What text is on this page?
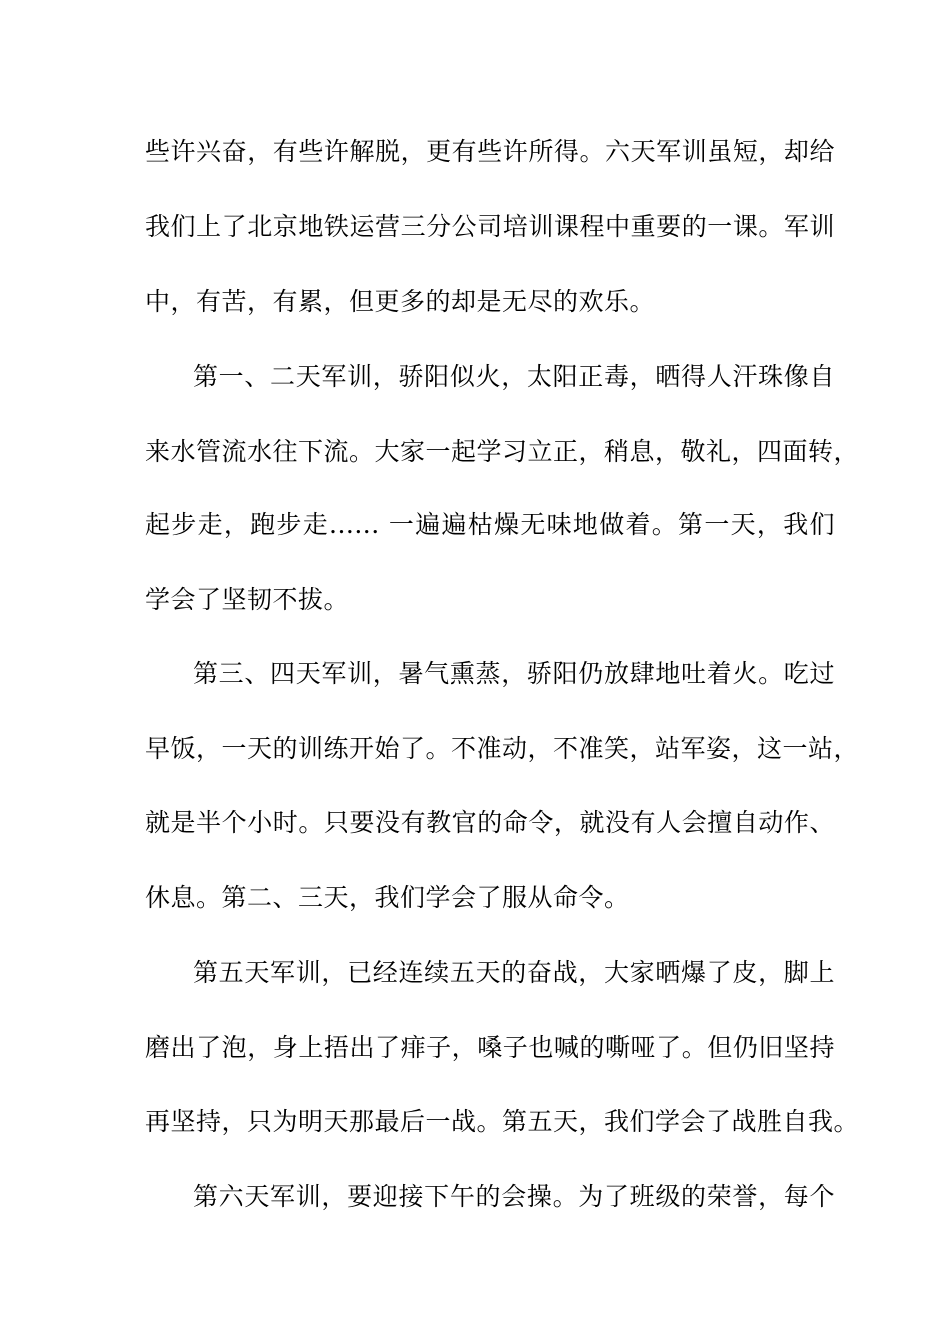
些许兴奋，有些许解脱，更有些许所得。六天军训虽短，却给
我们上了北京地铁运营三分公司培训课程中重要的一课。军训
中，有苦，有累，但更多的却是无尽的欢乐。
第一、二天军训，骄阳似火，太阳正毒，晒得人汗珠像自
来水管流水往下流。大家一起学习立正，稍息，敬礼，四面转，
起步走，跑步走...... 一遍遍枯燥无味地做着。第一天，我们
学会了坚韧不拔。
第三、四天军训，暑气熏蒸，骄阳仍放肆地吐着火。吃过
早饭，一天的训练开始了。不准动，不准笑，站军姿，这一站，
就是半个小时。只要没有教官的命令，就没有人会擅自动作、
休息。第二、三天，我们学会了服从命令。
第五天军训，已经连续五天的奋战，大家晒爆了皮，脚上
磨出了泡，身上捂出了痱子，嗓子也喊的嘶哑了。但仍旧坚持
再坚持，只为明天那最后一战。第五天，我们学会了战胜自我。
第六天军训，要迎接下午的会操。为了班级的荣誉，每个
